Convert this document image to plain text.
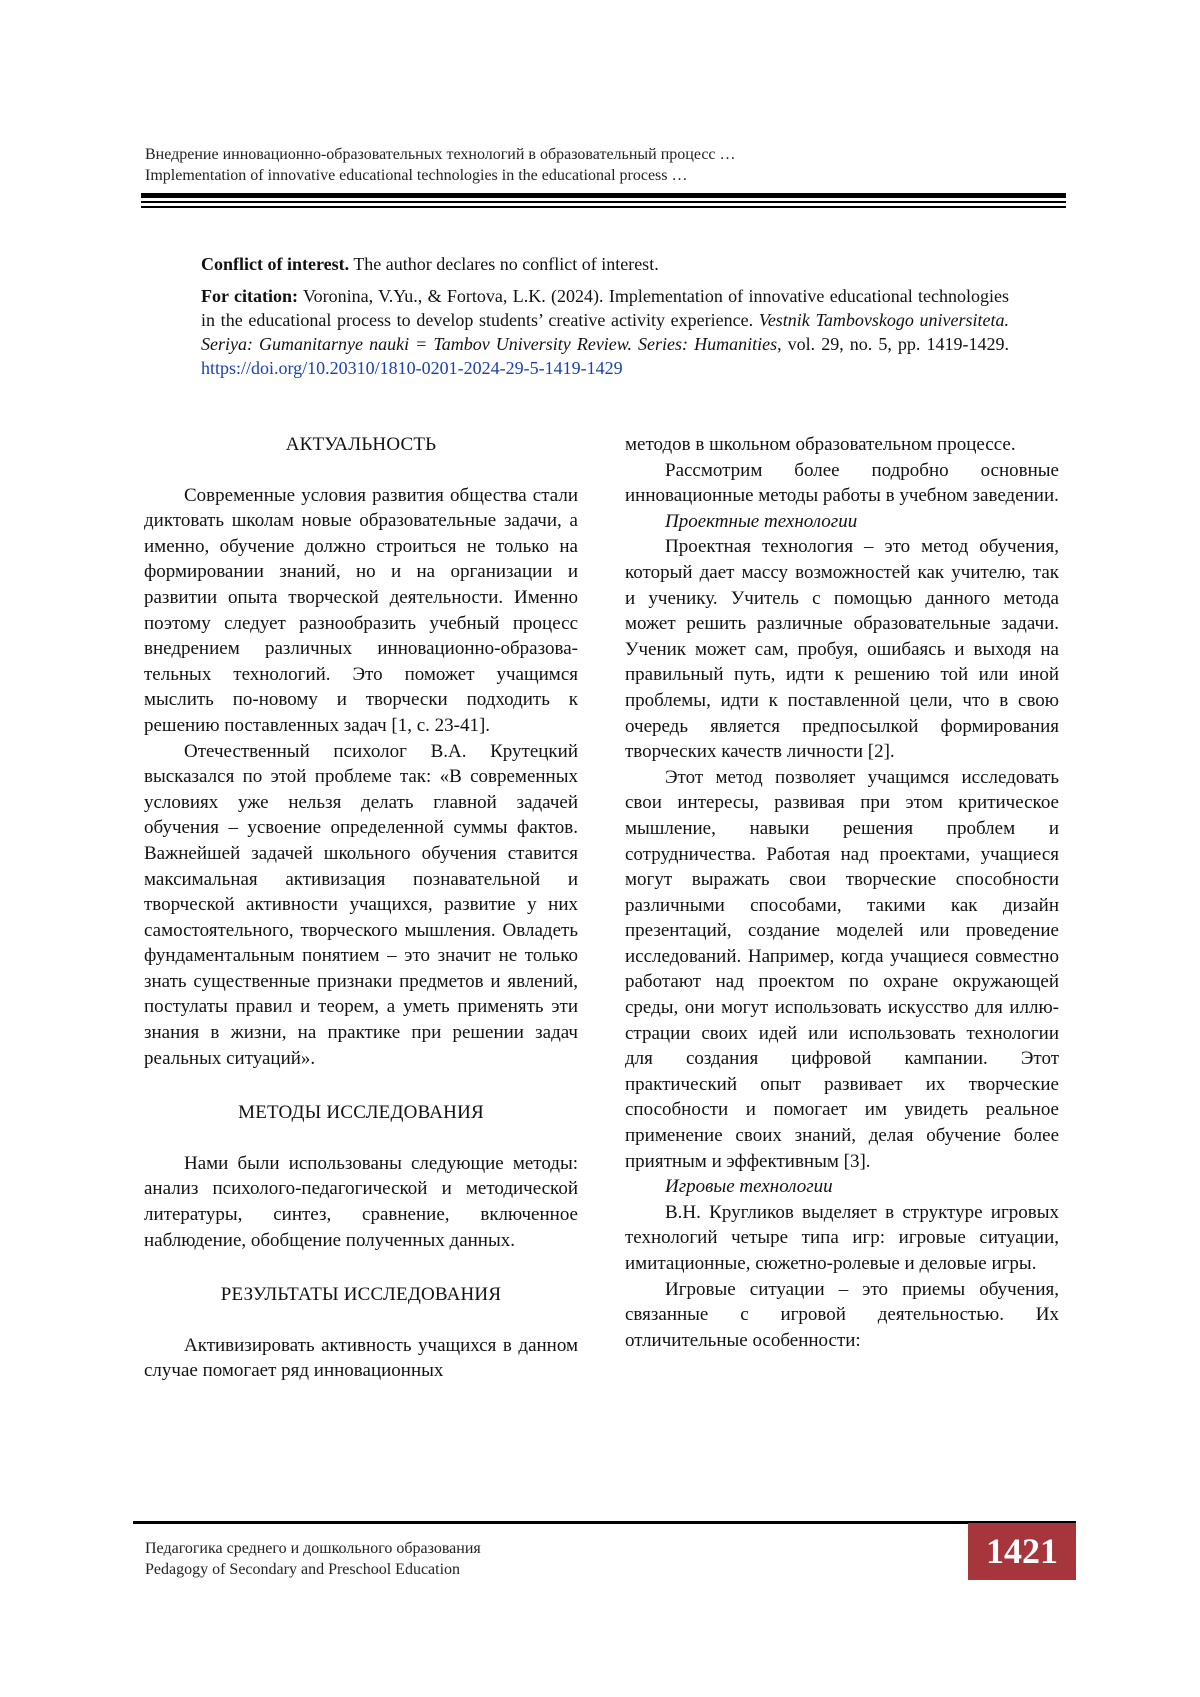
Внедрение инновационно-образовательных технологий в образовательный процесс …
Implementation of innovative educational technologies in the educational process …

Conflict of interest. The author declares no conflict of interest.

For citation: Voronina, V.Yu., & Fortova, L.K. (2024). Implementation of innovative educational technologies in the educational process to develop students’ creative activity experience. Vestnik Tambovskogo universiteta. Seriya: Gumanitarnye nauki = Tambov University Review. Series: Humanities, vol. 29, no. 5, pp. 1419-1429. https://doi.org/10.20310/1810-0201-2024-29-5-1419-1429

АКТУАЛЬНОСТЬ

Современные условия развития общества стали диктовать школам новые образовательные задачи, а именно, обучение должно строиться не только на формировании знаний, но и на организации и развитии опыта творческой деятельности. Именно поэтому следует разнообразить учебный процесс внедрением различных инновационно-образовательных технологий. Это поможет учащимся мыслить по-новому и творчески подходить к решению поставленных задач [1, с. 23-41].

Отечественный психолог В.А. Крутецкий высказался по этой проблеме так: «В современных условиях уже нельзя делать главной задачей обучения – усвоение определенной суммы фактов. Важнейшей задачей школьного обучения ставится максимальная активизация познавательной и творческой активности учащихся, развитие у них самостоятельного, творческого мышления. Овладеть фундаментальным понятием – это значит не только знать существенные признаки предметов и явлений, постулаты правил и теорем, а уметь применять эти знания в жизни, на практике при решении задач реальных ситуаций».

МЕТОДЫ ИССЛЕДОВАНИЯ

Нами были использованы следующие методы: анализ психолого-педагогической и методической литературы, синтез, сравнение, включенное наблюдение, обобщение полученных данных.

РЕЗУЛЬТАТЫ ИССЛЕДОВАНИЯ

Активизировать активность учащихся в данном случае помогает ряд инновационных

методов в школьном образовательном процессе.

Рассмотрим более подробно основные инновационные методы работы в учебном заведении.

Проектные технологии

Проектная технология – это метод обучения, который дает массу возможностей как учителю, так и ученику. Учитель с помощью данного метода может решить различные образовательные задачи. Ученик может сам, пробуя, ошибаясь и выходя на правильный путь, идти к решению той или иной проблемы, идти к поставленной цели, что в свою очередь является предпосылкой формирования творческих качеств личности [2].

Этот метод позволяет учащимся исследовать свои интересы, развивая при этом критическое мышление, навыки решения проблем и сотрудничества. Работая над проектами, учащиеся могут выражать свои творческие способности различными способами, такими как дизайн презентаций, создание моделей или проведение исследований. Например, когда учащиеся совместно работают над проектом по охране окружающей среды, они могут использовать искусство для иллюстрации своих идей или использовать технологии для создания цифровой кампании. Этот практический опыт развивает их творческие способности и помогает им увидеть реальное применение своих знаний, делая обучение более приятным и эффективным [3].

Игровые технологии

В.Н. Кругликов выделяет в структуре игровых технологий четыре типа игр: игровые ситуации, имитационные, сюжетно-ролевые и деловые игры.

Игровые ситуации – это приемы обучения, связанные с игровой деятельностью. Их отличительные особенности:

Педагогика среднего и дошкольного образования
Pedagogy of Secondary and Preschool Education	1421
